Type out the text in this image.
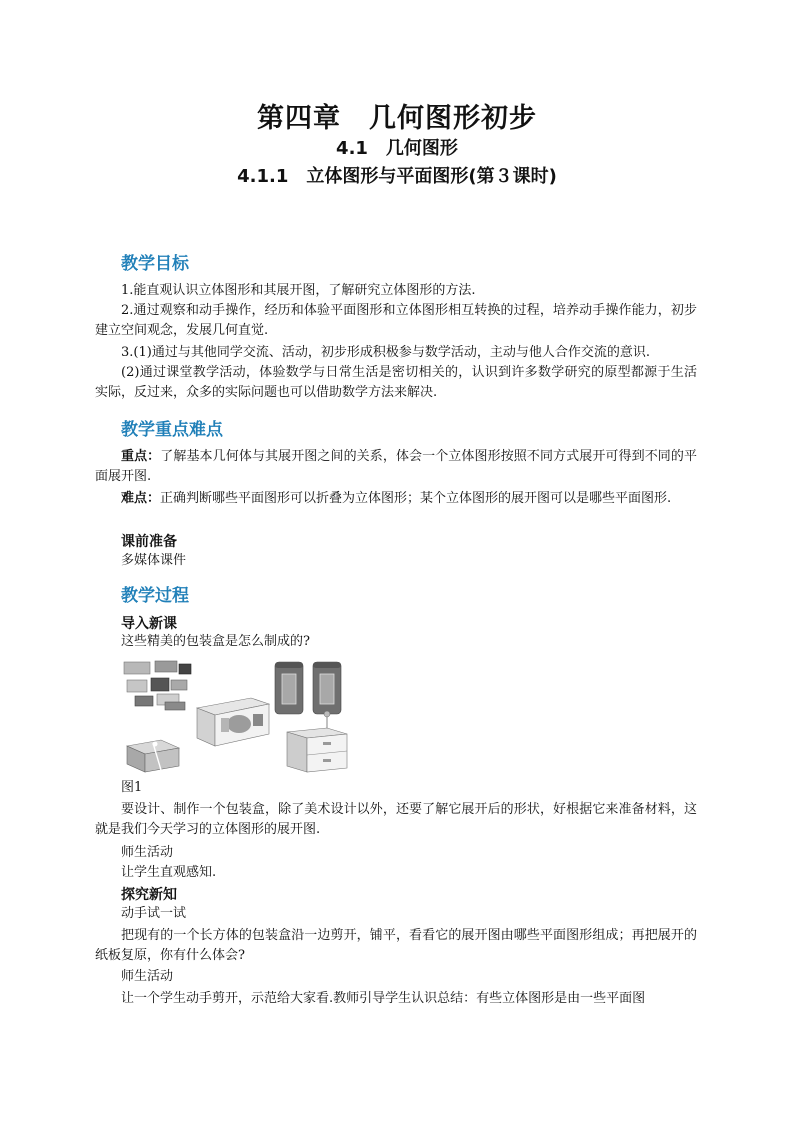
第四章　几何图形初步
4.1　几何图形
4.1.1　立体图形与平面图形(第３课时)
教学目标
1.能直观认识立体图形和其展开图，了解研究立体图形的方法.
2.通过观察和动手操作，经历和体验平面图形和立体图形相互转换的过程，培养动手操作能力，初步建立空间观念，发展几何直觉.
3.(1)通过与其他同学交流、活动，初步形成积极参与数学活动，主动与他人合作交流的意识.
(2)通过课堂教学活动，体验数学与日常生活是密切相关的，认识到许多数学研究的原型都源于生活实际，反过来，众多的实际问题也可以借助数学方法来解决.
教学重点难点
重点：了解基本几何体与其展开图之间的关系，体会一个立体图形按照不同方式展开可得到不同的平面展开图.
难点：正确判断哪些平面图形可以折叠为立体图形；某个立体图形的展开图可以是哪些平面图形.
课前准备
多媒体课件
教学过程
导入新课
这些精美的包装盒是怎么制成的?
图1
要设计、制作一个包装盒，除了美术设计以外，还要了解它展开后的形状，好根据它来准备材料，这就是我们今天学习的立体图形的展开图.
师生活动
让学生直观感知.
探究新知
动手试一试
把现有的一个长方体的包装盒沿一边剪开，铺平，看看它的展开图由哪些平面图形组成；再把展开的纸板复原，你有什么体会?
师生活动
让一个学生动手剪开，示范给大家看.教师引导学生认识总结：有些立体图形是由一些平面图
